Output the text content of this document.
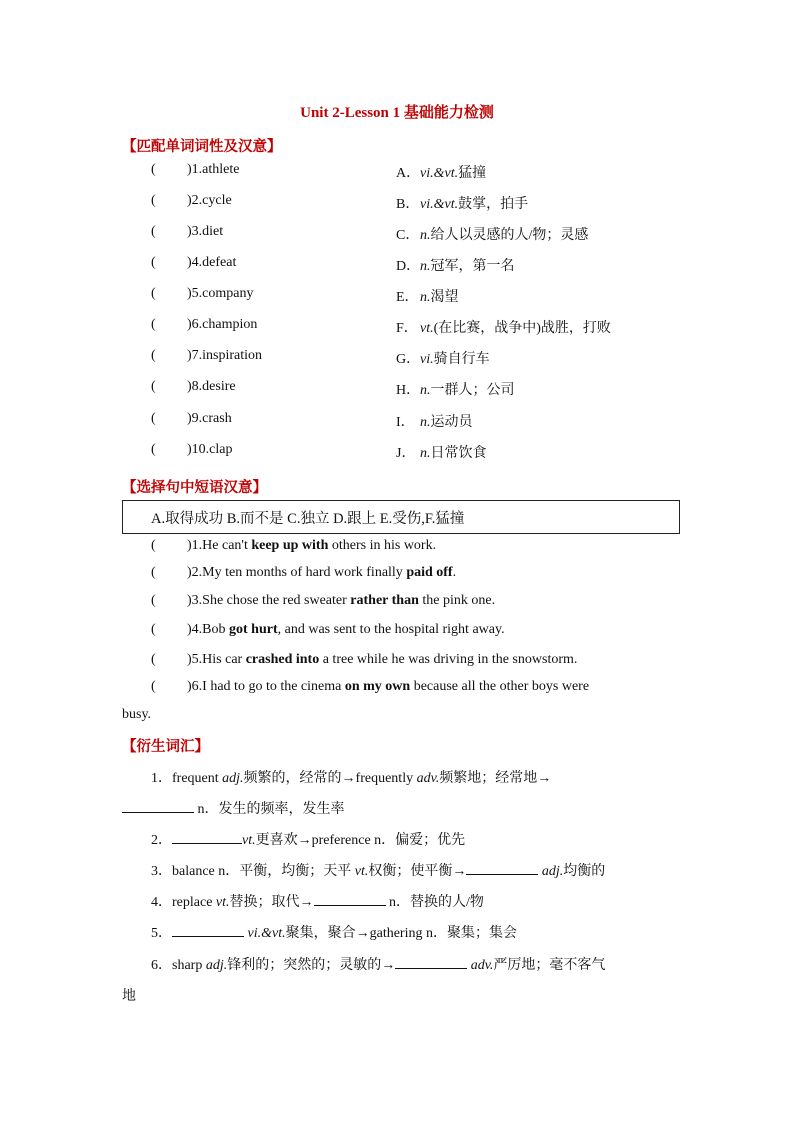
Unit 2-Lesson 1 基础能力检测
【匹配单词词性及汉意】
( )1.athlete	A．vi.&vt.猛撞
( )2.cycle	B．vi.&vt.鼓掌，拍手
( )3.diet	C．n.给人以灵感的人/物；灵感
( )4.defeat	D．n.冠军，第一名
( )5.company	E．n.渴望
( )6.champion	F． vt.(在比赛，战争中)战胜，打败
( )7.inspiration	G．vi.骑自行车
( )8.desire	H．n.一群人；公司
( )9.crash	I． n.运动员
( )10.clap	J． n.日常饮食
【选择句中短语汉意】
A.取得成功 B.而不是 C.独立 D.跟上 E.受伤,F.猛撞
( )1.He can't keep up with others in his work.
( )2.My ten months of hard work finally paid off.
( )3.She chose the red sweater rather than the pink one.
( )4.Bob got hurt, and was sent to the hospital right away.
( )5.His car crashed into a tree while he was driving in the snowstorm.
( )6.I had to go to the cinema on my own because all the other boys were
busy.
【衍生词汇】
1．frequent adj.频繁的，经常的→frequently adv.频繁地；经常地→
n．发生的频率，发生率
2．	vt.更喜欢→preference n．偏爱；优先
3．balance n．平衡，均衡；天平 vt.权衡；使平衡→	adj.均衡的
4．replace vt.替换；取代→	n．替换的人/物
5．	vi.&vt.聚集，聚合→gathering n．聚集；集会
6．sharp adj.锋利的；突然的；灵敏的→	adv.严厉地；毫不客气
地
